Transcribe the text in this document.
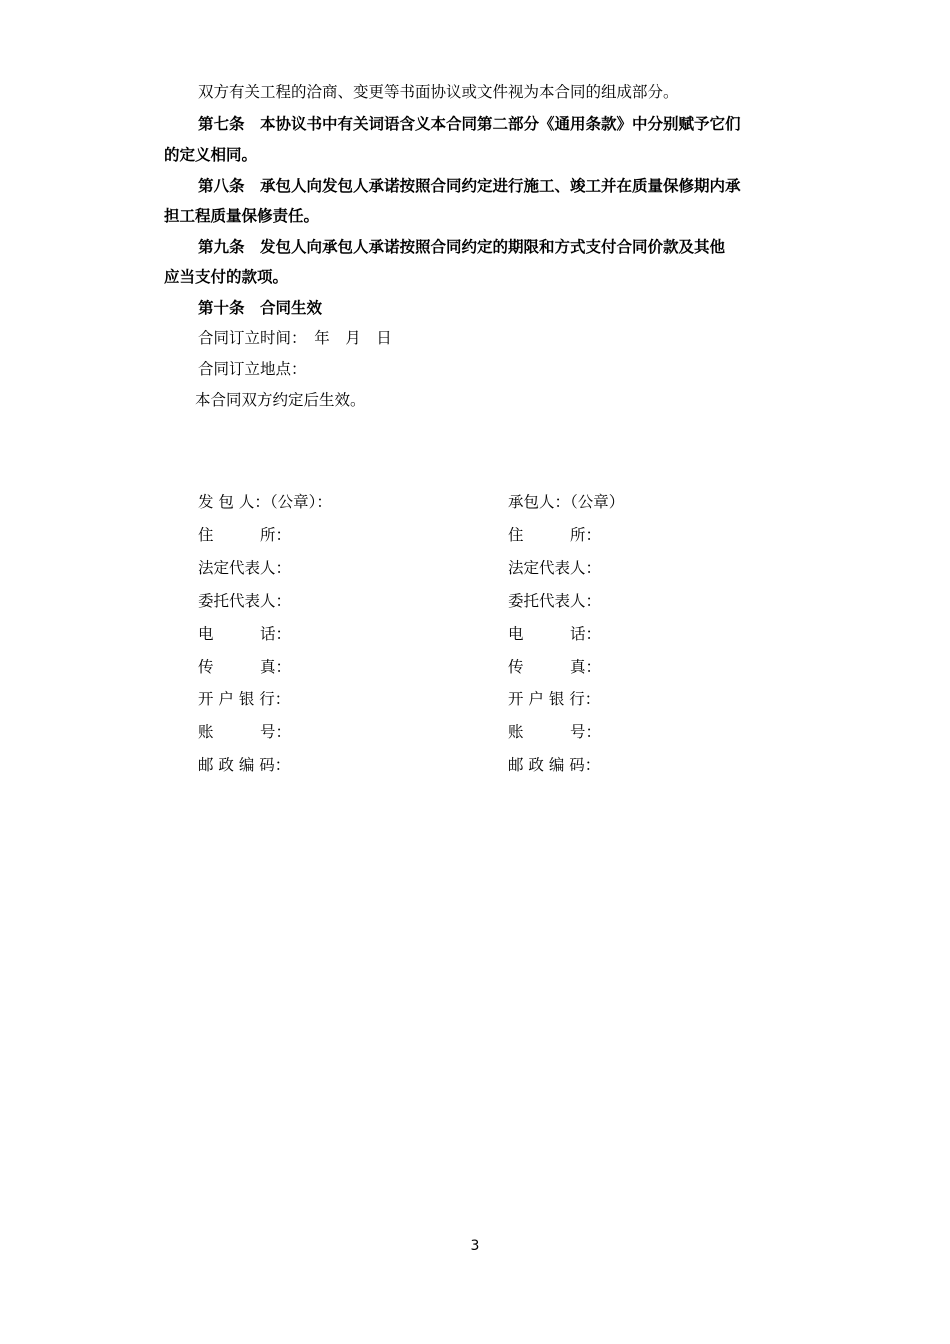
双方有关工程的洽商、变更等书面协议或文件视为本合同的组成部分。
第七条　本协议书中有关词语含义本合同第二部分《通用条款》中分别赋予它们
的定义相同。
第八条　承包人向发包人承诺按照合同约定进行施工、竣工并在质量保修期内承
担工程质量保修责任。
第九条　发包人向承包人承诺按照合同约定的期限和方式支付合同价款及其他
应当支付的款项。
第十条　合同生效
合同订立时间：　年　月　日
合同订立地点：
本合同双方约定后生效。
发 包 人：（公章）：
住　　　所：
法定代表人：
委托代表人：
电　　　话：
传　　　真：
开 户 银 行：
账　　　号：
邮 政 编 码：
承包人：（公章）
住　　　所：
法定代表人：
委托代表人：
电　　　话：
传　　　真：
开 户 银 行：
账　　　号：
邮 政 编 码：
3
